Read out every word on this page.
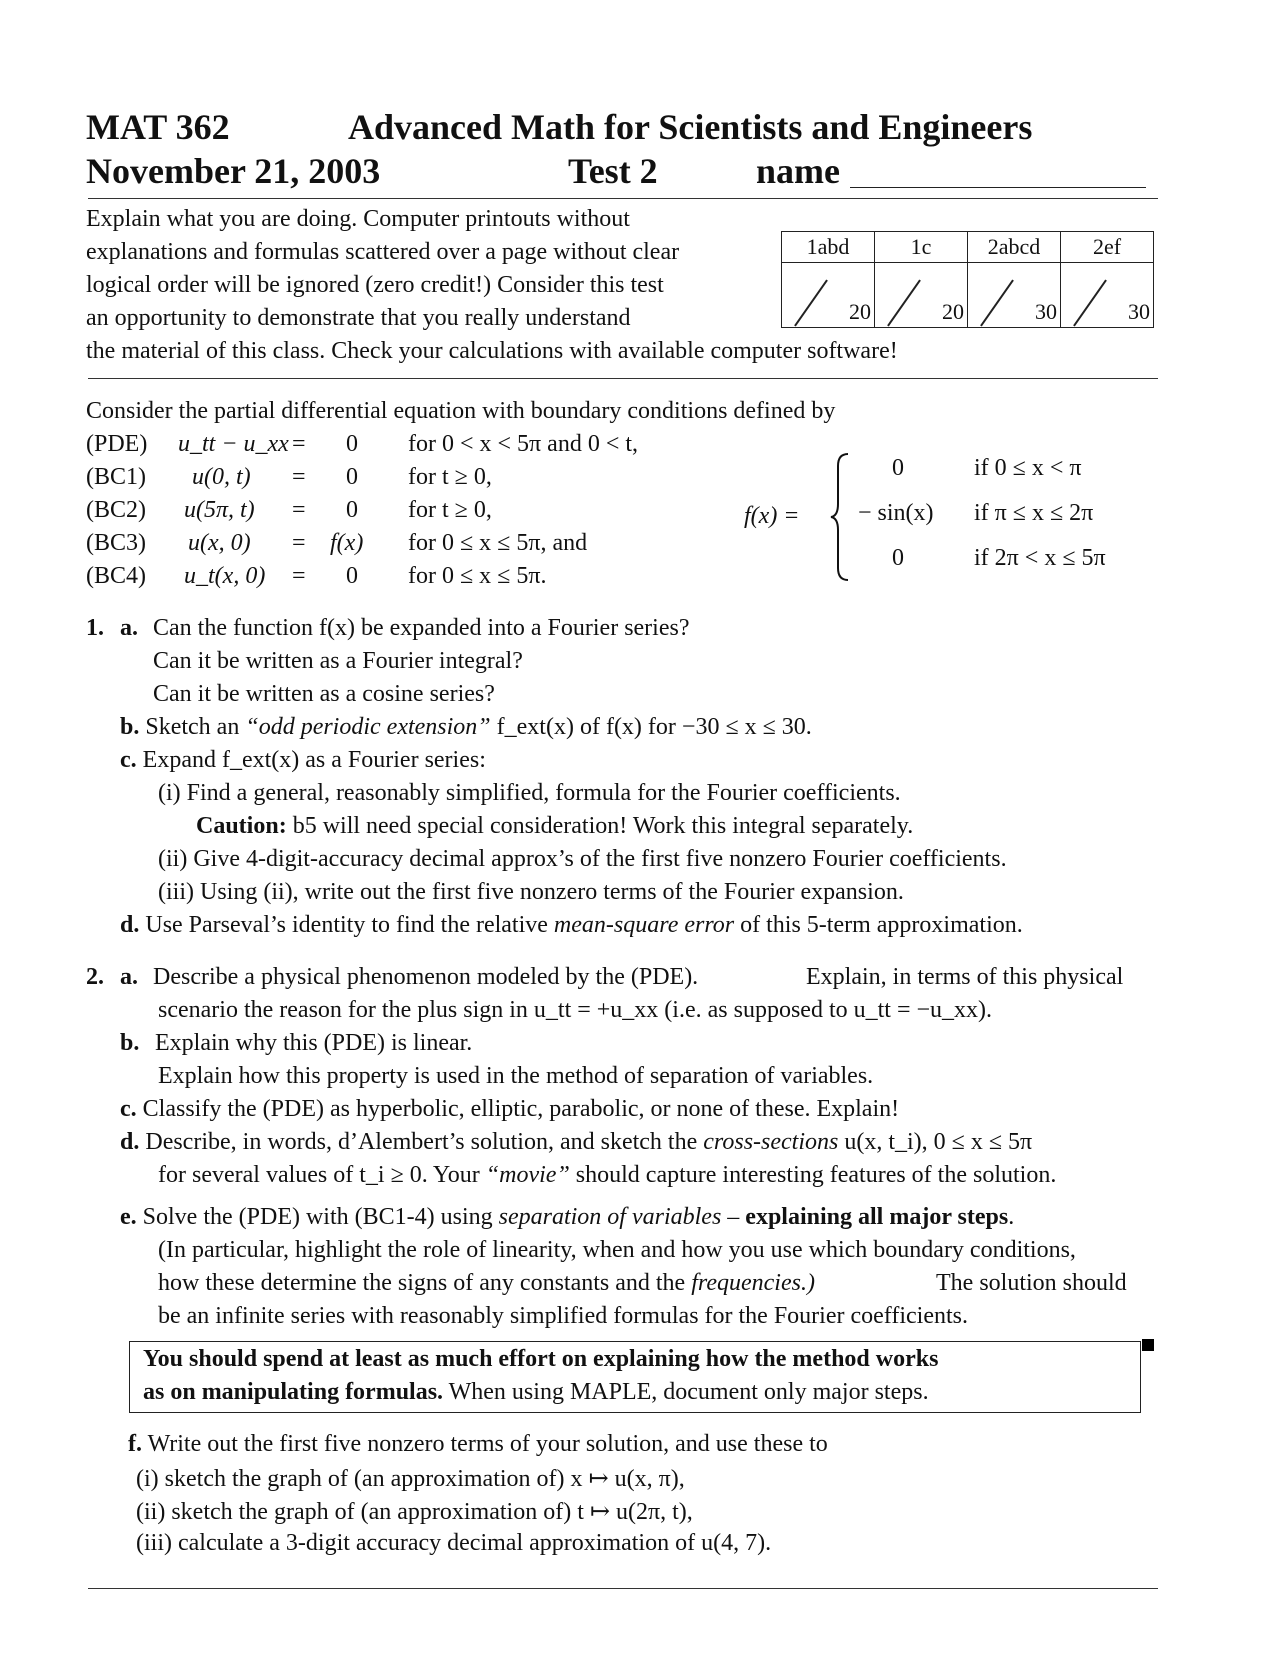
MAT 362	Advanced Math for Scientists and Engineers
November 21, 2003	Test 2	name
Explain what you are doing. Computer printouts without
explanations and formulas scattered over a page without clear
logical order will be ignored (zero credit!) Consider this test
an opportunity to demonstrate that you really understand
the material of this class. Check your calculations with available computer software!
1abd	1c	2abcd	2ef

20	20	30	30
Consider the partial differential equation with boundary conditions defined by
(PDE) u_tt − u_xx = 0 for 0 < x < 5π and 0 < t,
(BC1) u(0, t) = 0 for t ≥ 0,
(BC2) u(5π, t) = 0 for t ≥ 0,
(BC3) u(x, 0) = f(x) for 0 ≤ x ≤ 5π, and
(BC4) u_t(x, 0) = 0 for 0 ≤ x ≤ 5π.
f(x) =
0	if 0 ≤ x < π
− sin(x) if π ≤ x ≤ 2π
0	if 2π < x ≤ 5π
1. a. Can the function f(x) be expanded into a Fourier series?
Can it be written as a Fourier integral?
Can it be written as a cosine series?
b. Sketch an “odd periodic extension” f_ext(x) of f(x) for −30 ≤ x ≤ 30.
c. Expand f_ext(x) as a Fourier series:
(i) Find a general, reasonably simplified, formula for the Fourier coefficients.
Caution: b5 will need special consideration! Work this integral separately.
(ii) Give 4-digit-accuracy decimal approx’s of the first five nonzero Fourier coefficients.
(iii) Using (ii), write out the first five nonzero terms of the Fourier expansion.
d. Use Parseval’s identity to find the relative mean-square error of this 5-term approximation.
2. a. Describe a physical phenomenon modeled by the (PDE).	Explain, in terms of this physical
scenario the reason for the plus sign in u_tt = +u_xx (i.e. as supposed to u_tt = −u_xx).
b. Explain why this (PDE) is linear.
Explain how this property is used in the method of separation of variables.
c. Classify the (PDE) as hyperbolic, elliptic, parabolic, or none of these. Explain!
d. Describe, in words, d’Alembert’s solution, and sketch the cross-sections u(x, t_i), 0 ≤ x ≤ 5π
for several values of t_i ≥ 0. Your “movie” should capture interesting features of the solution.
e. Solve the (PDE) with (BC1-4) using separation of variables – explaining all major steps.
(In particular, highlight the role of linearity, when and how you use which boundary conditions,
how these determine the signs of any constants and the frequencies.)	The solution should
be an infinite series with reasonably simplified formulas for the Fourier coefficients.
You should spend at least as much effort on explaining how the method works
as on manipulating formulas. When using MAPLE, document only major steps.
f. Write out the first five nonzero terms of your solution, and use these to
(i) sketch the graph of (an approximation of) x ↦ u(x, π),
(ii) sketch the graph of (an approximation of) t ↦ u(2π, t),
(iii) calculate a 3-digit accuracy decimal approximation of u(4, 7).
